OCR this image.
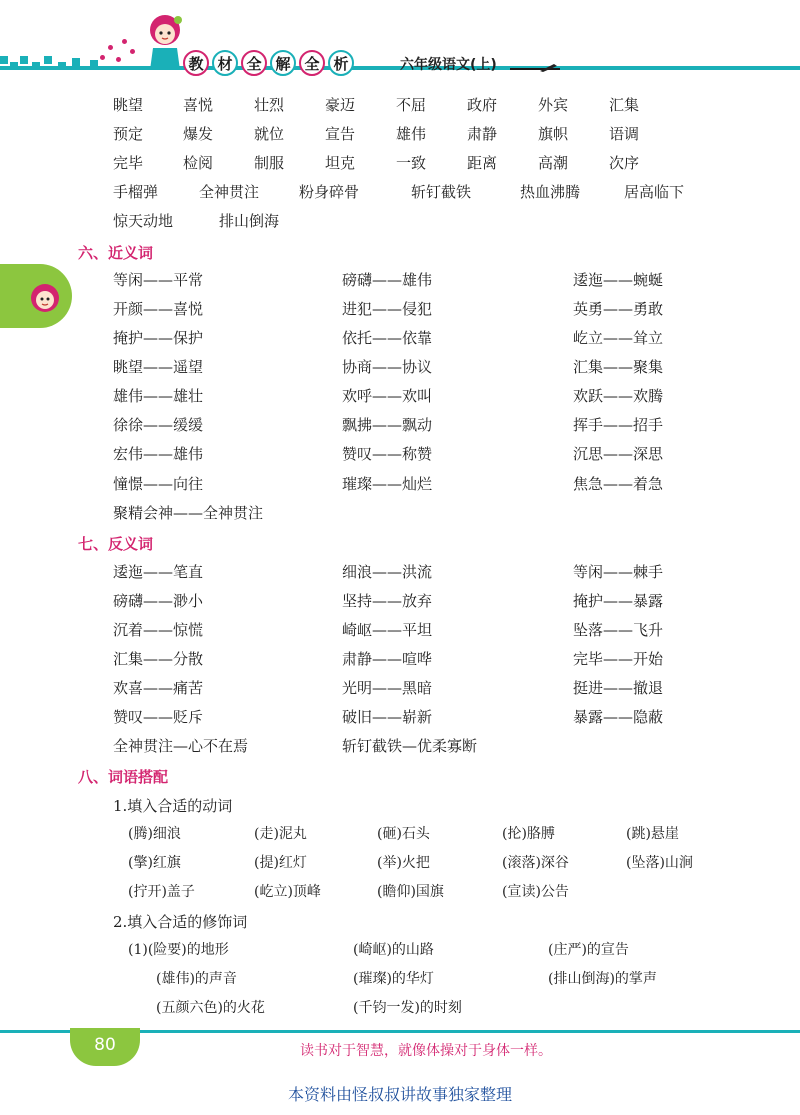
教 材 全 解 全 析	六年级语文(上)
眺望	喜悦	壮烈	豪迈	不屈	政府	外宾	汇集
预定	爆发	就位	宣告	雄伟	肃静	旗帜	语调
完毕	检阅	制服	坦克	一致	距离	高潮	次序
手榴弹	全神贯注	粉身碎骨	斩钉截铁	热血沸腾	居高临下
惊天动地	排山倒海
六、近义词
等闲——平常	磅礴——雄伟	逶迤——蜿蜒
开颜——喜悦	进犯——侵犯	英勇——勇敢
掩护——保护	依托——依靠	屹立——耸立
眺望——遥望	协商——协议	汇集——聚集
雄伟——雄壮	欢呼——欢叫	欢跃——欢腾
徐徐——缓缓	飘拂——飘动	挥手——招手
宏伟——雄伟	赞叹——称赞	沉思——深思
憧憬——向往	璀璨——灿烂	焦急——着急
聚精会神——全神贯注
七、反义词
逶迤——笔直	细浪——洪流	等闲——棘手
磅礴——渺小	坚持——放弃	掩护——暴露
沉着——惊慌	崎岖——平坦	坠落——飞升
汇集——分散	肃静——喧哗	完毕——开始
欢喜——痛苦	光明——黑暗	挺进——撤退
赞叹——贬斥	破旧——崭新	暴露——隐蔽
全神贯注—心不在焉	斩钉截铁—优柔寡断
八、词语搭配
1.填入合适的动词
(腾)细浪	(走)泥丸	(砸)石头	(抡)胳膊	(跳)悬崖
(擎)红旗	(提)红灯	(举)火把	(滚落)深谷	(坠落)山涧
(拧开)盖子	(屹立)顶峰	(瞻仰)国旗	(宣读)公告
2.填入合适的修饰词
(1)(险要)的地形	(崎岖)的山路	(庄严)的宣告
(雄伟)的声音	(璀璨)的华灯	(排山倒海)的掌声
(五颜六色)的火花	(千钧一发)的时刻
80	读书对于智慧，就像体操对于身体一样。
本资料由怪叔叔讲故事独家整理
